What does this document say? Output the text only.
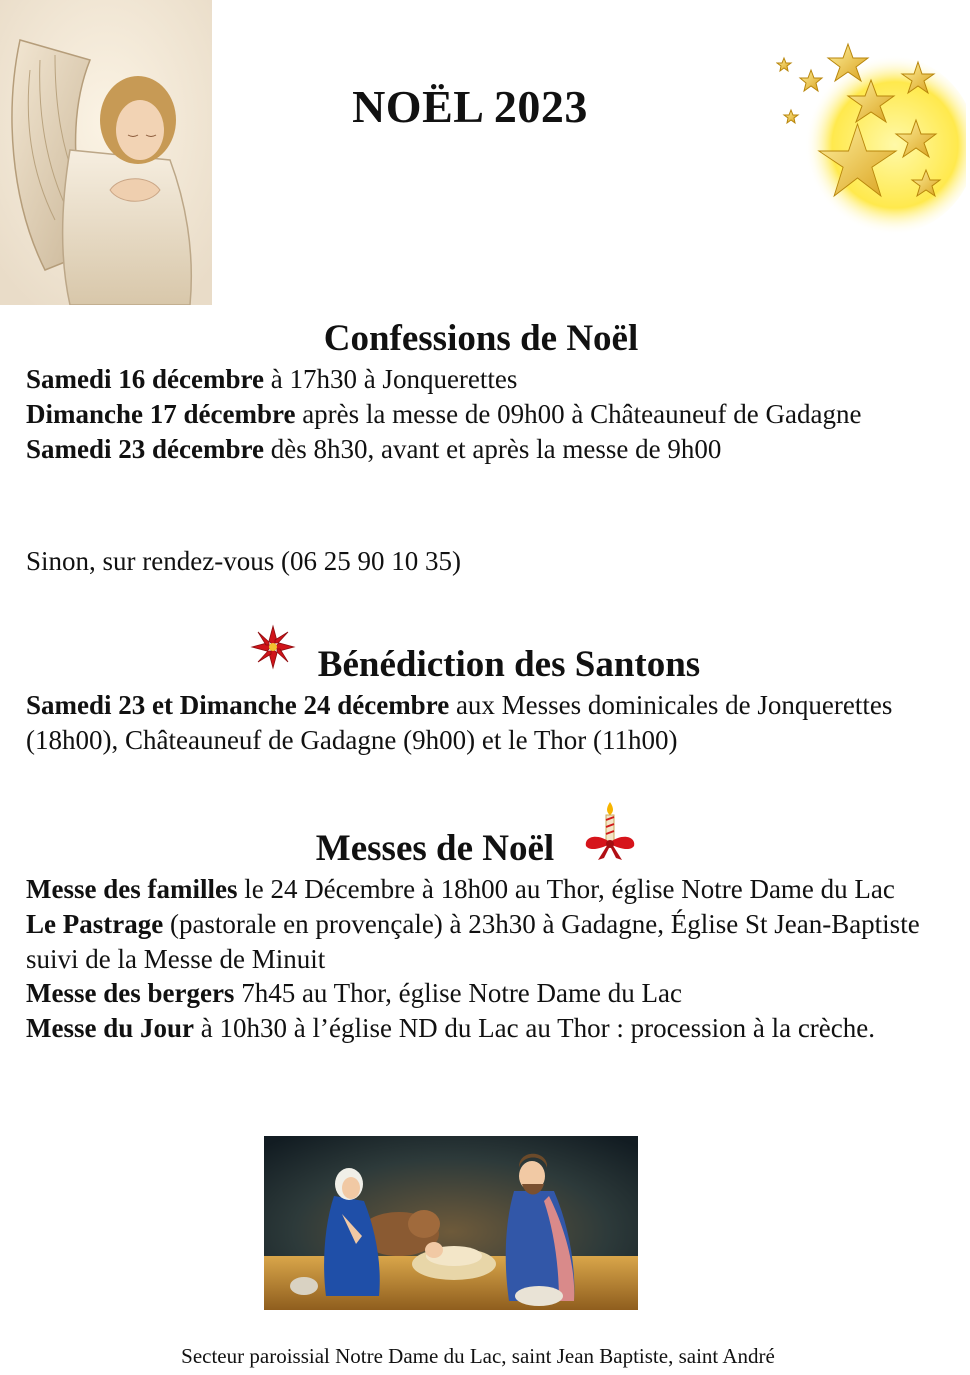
NOËL 2023
Confessions de Noël

Samedi 16 décembre à 17h30 à Jonquerettes

Dimanche 17 décembre après la messe de 09h00 à Châteauneuf de Gadagne

Samedi 23 décembre dès 8h30, avant et après la messe de 9h00

Sinon, sur rendez-vous (06 25 90 10 35)
Bénédiction des Santons

Samedi 23 et Dimanche 24 décembre aux Messes dominicales de Jonquerettes (18h00), Châteauneuf de Gadagne (9h00) et le Thor (11h00)

Messes de Noël

Messe des familles le 24 Décembre à 18h00 au Thor, église Notre Dame du Lac

Le Pastrage (pastorale en provençale) à 23h30 à Gadagne, Église St Jean-Baptiste suivi de la Messe de Minuit

Messe des bergers 7h45 au Thor, église Notre Dame du Lac

Messe du Jour à 10h30 à l’église ND du Lac au Thor : procession à la crèche.

Secteur paroissial Notre Dame du Lac, saint Jean Baptiste, saint André
